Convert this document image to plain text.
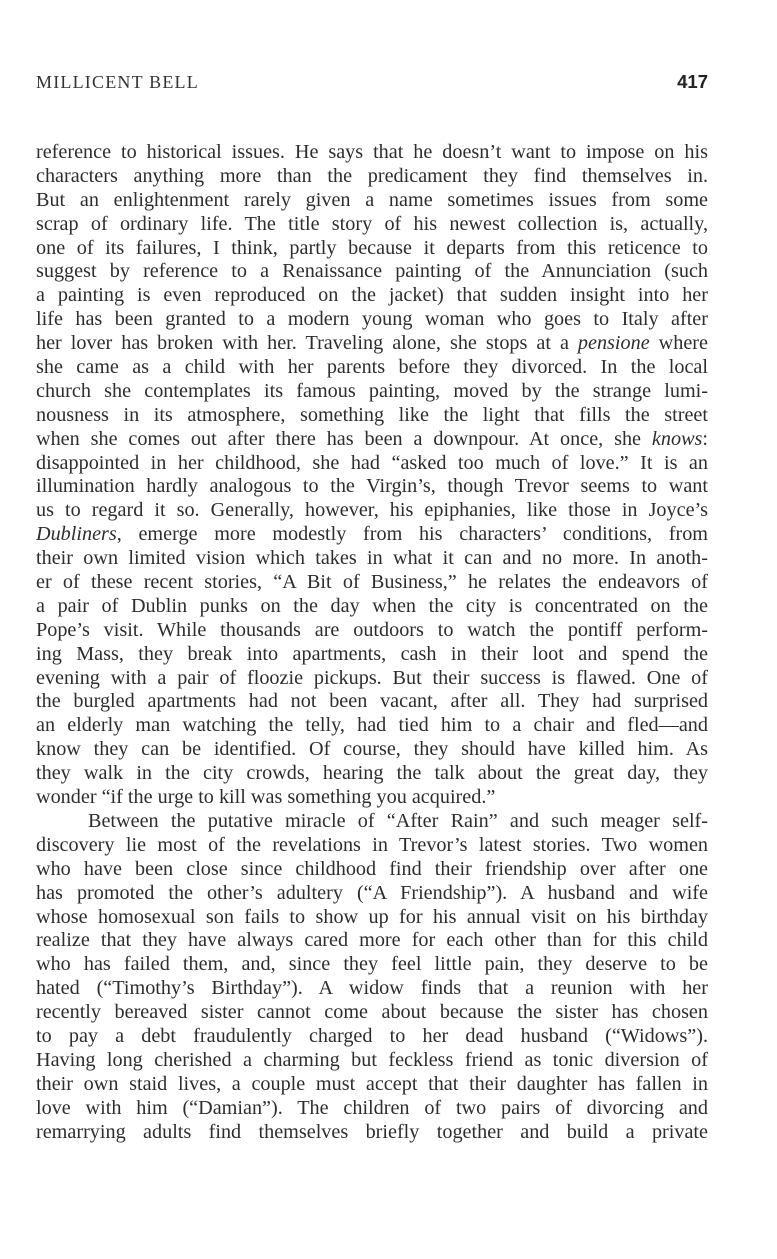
MILLICENT BELL	417
reference to historical issues. He says that he doesn’t want to impose on his
characters anything more than the predicament they find themselves in.
But an enlightenment rarely given a name sometimes issues from some
scrap of ordinary life. The title story of his newest collection is, actually,
one of its failures, I think, partly because it departs from this reticence to
suggest by reference to a Renaissance painting of the Annunciation (such
a painting is even reproduced on the jacket) that sudden insight into her
life has been granted to a modern young woman who goes to Italy after
her lover has broken with her. Traveling alone, she stops at a pensione where
she came as a child with her parents before they divorced. In the local
church she contemplates its famous painting, moved by the strange lumi-
nousness in its atmosphere, something like the light that fills the street
when she comes out after there has been a downpour. At once, she knows:
disappointed in her childhood, she had “asked too much of love.” It is an
illumination hardly analogous to the Virgin’s, though Trevor seems to want
us to regard it so. Generally, however, his epiphanies, like those in Joyce’s
Dubliners, emerge more modestly from his characters’ conditions, from
their own limited vision which takes in what it can and no more. In anoth-
er of these recent stories, “A Bit of Business,” he relates the endeavors of
a pair of Dublin punks on the day when the city is concentrated on the
Pope’s visit. While thousands are outdoors to watch the pontiff perform-
ing Mass, they break into apartments, cash in their loot and spend the
evening with a pair of floozie pickups. But their success is flawed. One of
the burgled apartments had not been vacant, after all. They had surprised
an elderly man watching the telly, had tied him to a chair and fled—and
know they can be identified. Of course, they should have killed him. As
they walk in the city crowds, hearing the talk about the great day, they
wonder “if the urge to kill was something you acquired.”
Between the putative miracle of “After Rain” and such meager self-
discovery lie most of the revelations in Trevor’s latest stories. Two women
who have been close since childhood find their friendship over after one
has promoted the other’s adultery (“A Friendship”). A husband and wife
whose homosexual son fails to show up for his annual visit on his birthday
realize that they have always cared more for each other than for this child
who has failed them, and, since they feel little pain, they deserve to be
hated (“Timothy’s Birthday”). A widow finds that a reunion with her
recently bereaved sister cannot come about because the sister has chosen
to pay a debt fraudulently charged to her dead husband (“Widows”).
Having long cherished a charming but feckless friend as tonic diversion of
their own staid lives, a couple must accept that their daughter has fallen in
love with him (“Damian”). The children of two pairs of divorcing and
remarrying adults find themselves briefly together and build a private
